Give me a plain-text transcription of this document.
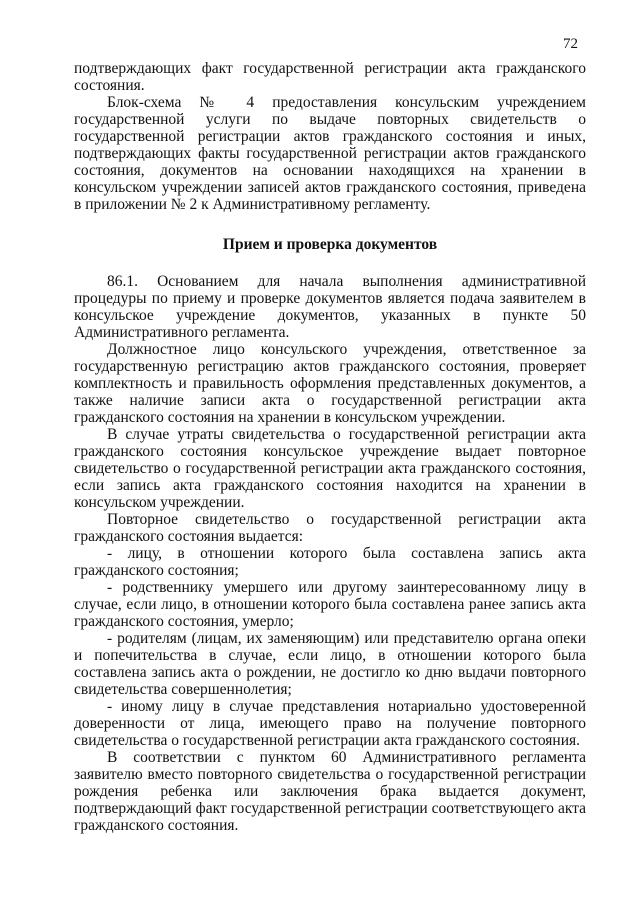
72

подтверждающих факт государственной регистрации акта гражданского состояния.

Блок-схема № 4 предоставления консульским учреждением государственной услуги по выдаче повторных свидетельств о государственной регистрации актов гражданского состояния и иных, подтверждающих факты государственной регистрации актов гражданского состояния, документов на основании находящихся на хранении в консульском учреждении записей актов гражданского состояния, приведена в приложении № 2 к Административному регламенту.

Прием и проверка документов

86.1. Основанием для начала выполнения административной процедуры по приему и проверке документов является подача заявителем в консульское учреждение документов, указанных в пункте 50 Административного регламента.

Должностное лицо консульского учреждения, ответственное за государственную регистрацию актов гражданского состояния, проверяет комплектность и правильность оформления представленных документов, а также наличие записи акта о государственной регистрации акта гражданского состояния на хранении в консульском учреждении.

В случае утраты свидетельства о государственной регистрации акта гражданского состояния консульское учреждение выдает повторное свидетельство о государственной регистрации акта гражданского состояния, если запись акта гражданского состояния находится на хранении в консульском учреждении.

Повторное свидетельство о государственной регистрации акта гражданского состояния выдается:

- лицу, в отношении которого была составлена запись акта гражданского состояния;

- родственнику умершего или другому заинтересованному лицу в случае, если лицо, в отношении которого была составлена ранее запись акта гражданского состояния, умерло;

- родителям (лицам, их заменяющим) или представителю органа опеки и попечительства в случае, если лицо, в отношении которого была составлена запись акта о рождении, не достигло ко дню выдачи повторного свидетельства совершеннолетия;

- иному лицу в случае представления нотариально удостоверенной доверенности от лица, имеющего право на получение повторного свидетельства о государственной регистрации акта гражданского состояния.

В соответствии с пунктом 60 Административного регламента заявителю вместо повторного свидетельства о государственной регистрации рождения ребенка или заключения брака выдается документ, подтверждающий факт государственной регистрации соответствующего акта гражданского состояния.
